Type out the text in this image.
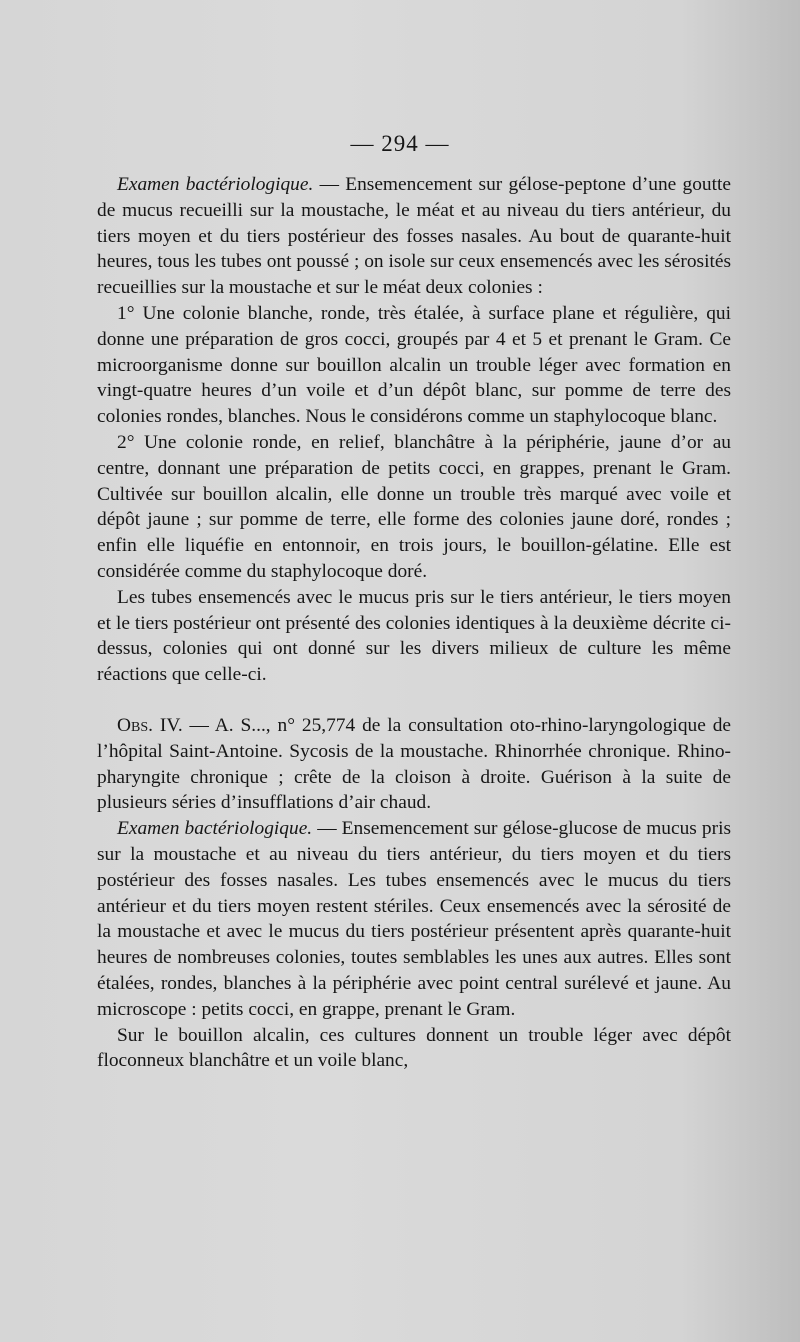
— 294 —

Examen bactériologique. — Ensemencement sur gélose-peptone d’une goutte de mucus recueilli sur la moustache, le méat et au niveau du tiers antérieur, du tiers moyen et du tiers postérieur des fosses nasales. Au bout de quarante-huit heures, tous les tubes ont poussé ; on isole sur ceux ensemencés avec les sérosités recueillies sur la moustache et sur le méat deux colonies :

1° Une colonie blanche, ronde, très étalée, à surface plane et régulière, qui donne une préparation de gros cocci, groupés par 4 et 5 et prenant le Gram. Ce microorganisme donne sur bouillon alcalin un trouble léger avec formation en vingt-quatre heures d’un voile et d’un dépôt blanc, sur pomme de terre des colonies rondes, blanches. Nous le considérons comme un staphylocoque blanc.

2° Une colonie ronde, en relief, blanchâtre à la périphérie, jaune d’or au centre, donnant une préparation de petits cocci, en grappes, prenant le Gram. Cultivée sur bouillon alcalin, elle donne un trouble très marqué avec voile et dépôt jaune ; sur pomme de terre, elle forme des colonies jaune doré, rondes ; enfin elle liquéfie en entonnoir, en trois jours, le bouillon-gélatine. Elle est considérée comme du staphylocoque doré.

Les tubes ensemencés avec le mucus pris sur le tiers antérieur, le tiers moyen et le tiers postérieur ont présenté des colonies identiques à la deuxième décrite ci-dessus, colonies qui ont donné sur les divers milieux de culture les même réactions que celle-ci.

Obs. IV. — A. S..., n° 25,774 de la consultation oto-rhino-laryngologique de l’hôpital Saint-Antoine. Sycosis de la moustache. Rhinorrhée chronique. Rhino-pharyngite chronique ; crête de la cloison à droite. Guérison à la suite de plusieurs séries d’insufflations d’air chaud.

Examen bactériologique. — Ensemencement sur gélose-glucose de mucus pris sur la moustache et au niveau du tiers antérieur, du tiers moyen et du tiers postérieur des fosses nasales. Les tubes ensemencés avec le mucus du tiers antérieur et du tiers moyen restent stériles. Ceux ensemencés avec la sérosité de la moustache et avec le mucus du tiers postérieur présentent après quarante-huit heures de nombreuses colonies, toutes semblables les unes aux autres. Elles sont étalées, rondes, blanches à la périphérie avec point central surélevé et jaune. Au microscope : petits cocci, en grappe, prenant le Gram.

Sur le bouillon alcalin, ces cultures donnent un trouble léger avec dépôt floconneux blanchâtre et un voile blanc,
